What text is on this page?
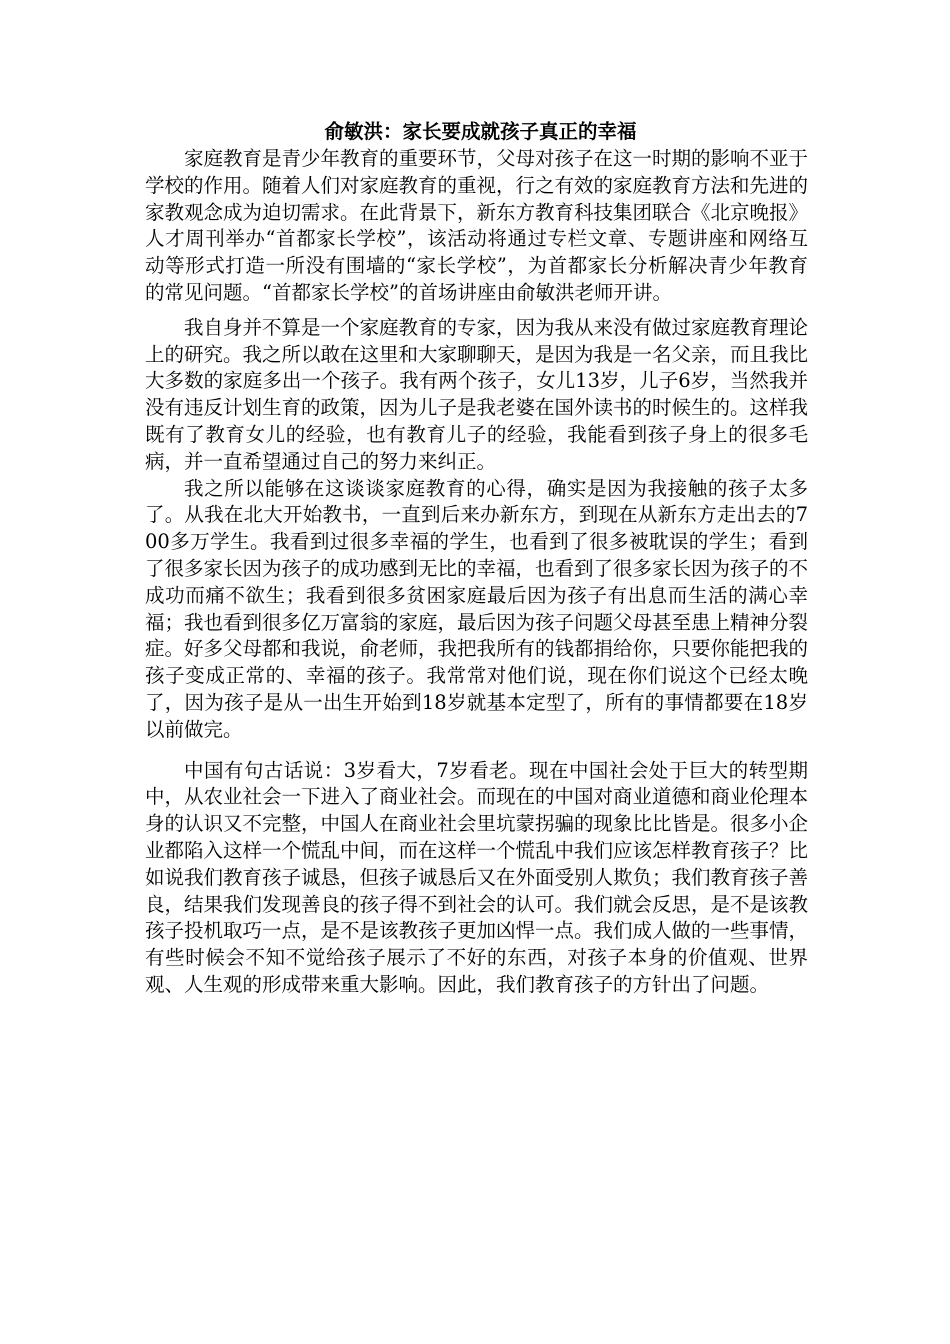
俞敏洪：家长要成就孩子真正的幸福

家庭教育是青少年教育的重要环节，父母对孩子在这一时期的影响不亚于学校的作用。随着人们对家庭教育的重视，行之有效的家庭教育方法和先进的家教观念成为迫切需求。在此背景下，新东方教育科技集团联合《北京晚报》人才周刊举办“首都家长学校”，该活动将通过专栏文章、专题讲座和网络互动等形式打造一所没有围墙的“家长学校”，为首都家长分析解决青少年教育的常见问题。“首都家长学校”的首场讲座由俞敏洪老师开讲。

我自身并不算是一个家庭教育的专家，因为我从来没有做过家庭教育理论上的研究。我之所以敢在这里和大家聊聊天，是因为我是一名父亲，而且我比大多数的家庭多出一个孩子。我有两个孩子，女儿13岁，儿子6岁，当然我并没有违反计划生育的政策，因为儿子是我老婆在国外读书的时候生的。这样我既有了教育女儿的经验，也有教育儿子的经验，我能看到孩子身上的很多毛病，并一直希望通过自己的努力来纠正。

我之所以能够在这谈谈家庭教育的心得，确实是因为我接触的孩子太多了。从我在北大开始教书，一直到后来办新东方，到现在从新东方走出去的700多万学生。我看到过很多幸福的学生，也看到了很多被耽误的学生；看到了很多家长因为孩子的成功感到无比的幸福，也看到了很多家长因为孩子的不成功而痛不欲生；我看到很多贫困家庭最后因为孩子有出息而生活的满心幸福；我也看到很多亿万富翁的家庭，最后因为孩子问题父母甚至患上精神分裂症。好多父母都和我说，俞老师，我把我所有的钱都捐给你，只要你能把我的孩子变成正常的、幸福的孩子。我常常对他们说，现在你们说这个已经太晚了，因为孩子是从一出生开始到18岁就基本定型了，所有的事情都要在18岁以前做完。

中国有句古话说：3岁看大，7岁看老。现在中国社会处于巨大的转型期中，从农业社会一下进入了商业社会。而现在的中国对商业道德和商业伦理本身的认识又不完整，中国人在商业社会里坑蒙拐骗的现象比比皆是。很多小企业都陷入这样一个慌乱中间，而在这样一个慌乱中我们应该怎样教育孩子？比如说我们教育孩子诚恳，但孩子诚恳后又在外面受别人欺负；我们教育孩子善良，结果我们发现善良的孩子得不到社会的认可。我们就会反思，是不是该教孩子投机取巧一点，是不是该教孩子更加凶悍一点。我们成人做的一些事情，有些时候会不知不觉给孩子展示了不好的东西，对孩子本身的价值观、世界观、人生观的形成带来重大影响。因此，我们教育孩子的方针出了问题。
